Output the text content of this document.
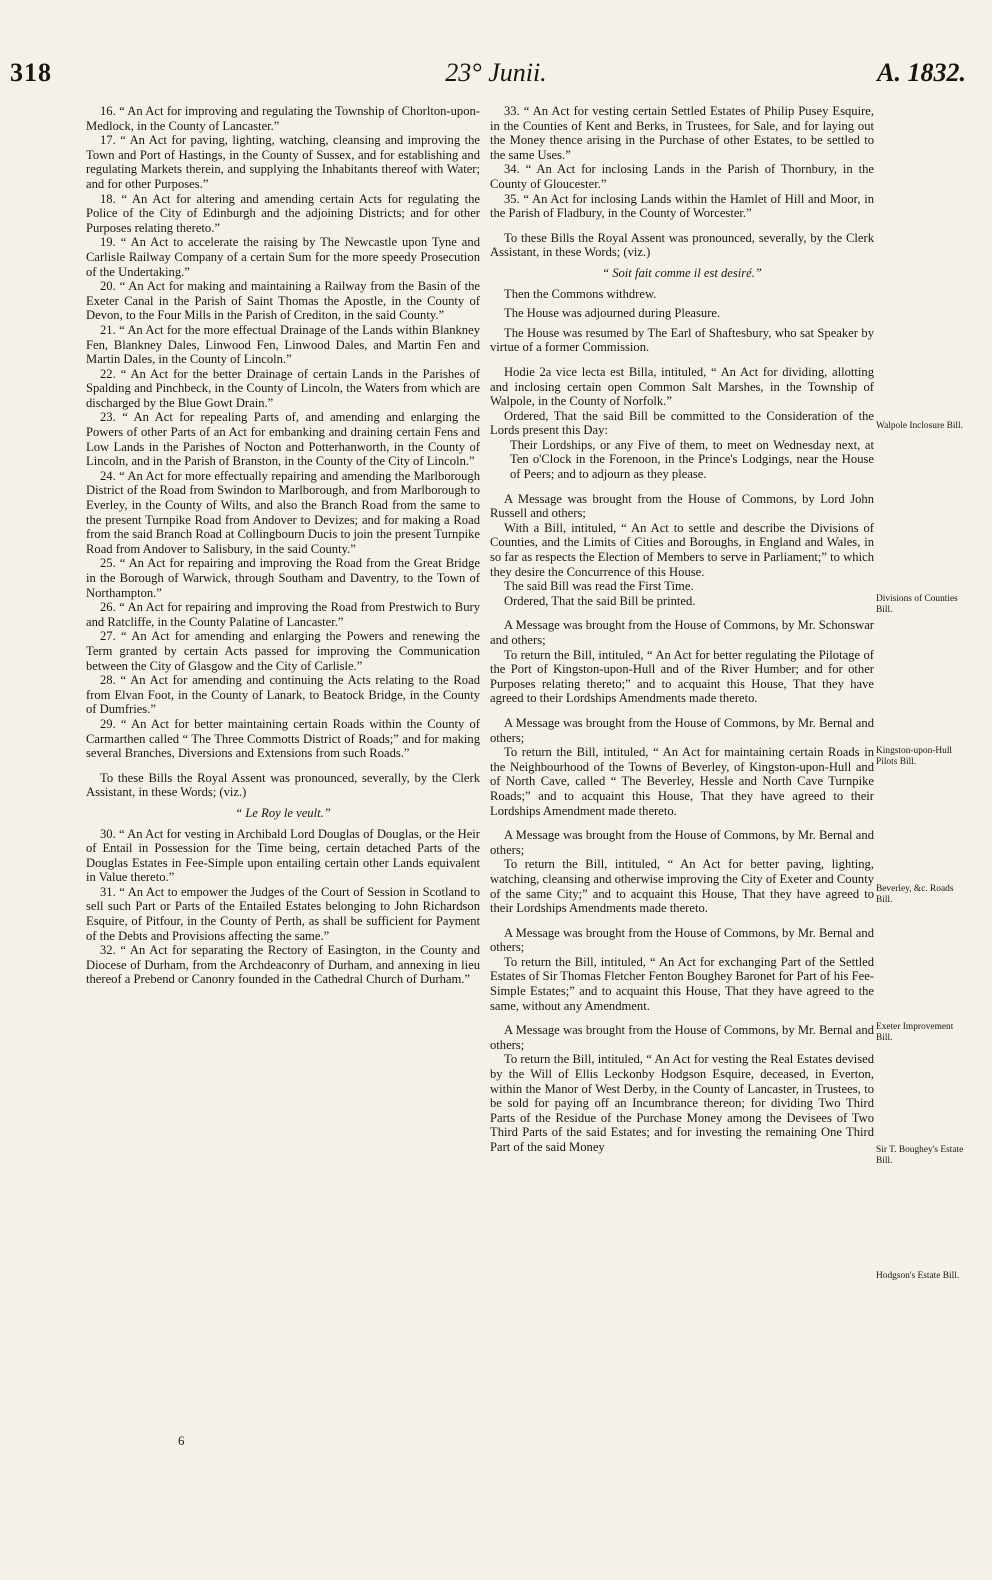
23° Junii.
318	A. 1832.

16. “ An Act for improving and regulating the Township of Chorlton-upon-Medlock, in the County of Lancaster.”

17. “ An Act for paving, lighting, watching, cleansing and improving the Town and Port of Hastings, in the County of Sussex, and for establishing and regulating Markets therein, and supplying the Inhabitants thereof with Water; and for other Purposes.”

18. “ An Act for altering and amending certain Acts for regulating the Police of the City of Edinburgh and the adjoining Districts; and for other Purposes relating thereto.”

19. “ An Act to accelerate the raising by The Newcastle upon Tyne and Carlisle Railway Company of a certain Sum for the more speedy Prosecution of the Undertaking.”

20. “ An Act for making and maintaining a Railway from the Basin of the Exeter Canal in the Parish of Saint Thomas the Apostle, in the County of Devon, to the Four Mills in the Parish of Crediton, in the said County.”

21. “ An Act for the more effectual Drainage of the Lands within Blankney Fen, Blankney Dales, Linwood Fen, Linwood Dales, and Martin Fen and Martin Dales, in the County of Lincoln.”

22. “ An Act for the better Drainage of certain Lands in the Parishes of Spalding and Pinchbeck, in the County of Lincoln, the Waters from which are discharged by the Blue Gowt Drain.”

23. “ An Act for repealing Parts of, and amending and enlarging the Powers of other Parts of an Act for embanking and draining certain Fens and Low Lands in the Parishes of Nocton and Potterhanworth, in the County of Lincoln, and in the Parish of Branston, in the County of the City of Lincoln.”

24. “ An Act for more effectually repairing and amending the Marlborough District of the Road from Swindon to Marlborough, and from Marlborough to Everley, in the County of Wilts, and also the Branch Road from the same to the present Turnpike Road from Andover to Devizes; and for making a Road from the said Branch Road at Collingbourn Ducis to join the present Turnpike Road from Andover to Salisbury, in the said County.”

25. “ An Act for repairing and improving the Road from the Great Bridge in the Borough of Warwick, through Southam and Daventry, to the Town of Northampton.”

26. “ An Act for repairing and improving the Road from Prestwich to Bury and Ratcliffe, in the County Palatine of Lancaster.”

27. “ An Act for amending and enlarging the Powers and renewing the Term granted by certain Acts passed for improving the Communication between the City of Glasgow and the City of Carlisle.”

28. “ An Act for amending and continuing the Acts relating to the Road from Elvan Foot, in the County of Lanark, to Beatock Bridge, in the County of Dumfries.”

29. “ An Act for better maintaining certain Roads within the County of Carmarthen called “ The Three Commotts District of Roads;” and for making several Branches, Diversions and Extensions from such Roads.”

To these Bills the Royal Assent was pronounced, severally, by the Clerk Assistant, in these Words; (viz.)

“ Le Roy le veult.”

30. “ An Act for vesting in Archibald Lord Douglas of Douglas, or the Heir of Entail in Possession for the Time being, certain detached Parts of the Douglas Estates in Fee-Simple upon entailing certain other Lands equivalent in Value thereto.”

31. “ An Act to empower the Judges of the Court of Session in Scotland to sell such Part or Parts of the Entailed Estates belonging to John Richardson Esquire, of Pitfour, in the County of Perth, as shall be sufficient for Payment of the Debts and Provisions affecting the same.”

32. “ An Act for separating the Rectory of Easington, in the County and Diocese of Durham, from the Archdeaconry of Durham, and annexing in lieu thereof a Prebend or Canonry founded in the Cathedral Church of Durham.”

6

33. “ An Act for vesting certain Settled Estates of Philip Pusey Esquire, in the Counties of Kent and Berks, in Trustees, for Sale, and for laying out the Money thence arising in the Purchase of other Estates, to be settled to the same Uses.”

34. “ An Act for inclosing Lands in the Parish of Thornbury, in the County of Gloucester.”

35. “ An Act for inclosing Lands within the Hamlet of Hill and Moor, in the Parish of Fladbury, in the County of Worcester.”

To these Bills the Royal Assent was pronounced, severally, by the Clerk Assistant, in these Words; (viz.)

“ Soit fait comme il est desiré.”

Then the Commons withdrew.

The House was adjourned during Pleasure.

The House was resumed by The Earl of Shaftesbury, who sat Speaker by virtue of a former Commission.

Hodie 2a vice lecta est Billa, intituled, “ An Act for dividing, allotting and inclosing certain open Common Salt Marshes, in the Township of Walpole, in the County of Norfolk.”

Ordered, That the said Bill be committed to the Consideration of the Lords present this Day:

Their Lordships, or any Five of them, to meet on Wednesday next, at Ten o'Clock in the Forenoon, in the Prince's Lodgings, near the House of Peers; and to adjourn as they please.

A Message was brought from the House of Commons, by Lord John Russell and others;

With a Bill, intituled, “ An Act to settle and describe the Divisions of Counties, and the Limits of Cities and Boroughs, in England and Wales, in so far as respects the Election of Members to serve in Parliament;” to which they desire the Concurrence of this House.

The said Bill was read the First Time.

Ordered, That the said Bill be printed.

A Message was brought from the House of Commons, by Mr. Schonswar and others;

To return the Bill, intituled, “ An Act for better regulating the Pilotage of the Port of Kingston-upon-Hull and of the River Humber; and for other Purposes relating thereto;” and to acquaint this House, That they have agreed to their Lordships Amendments made thereto.

A Message was brought from the House of Commons, by Mr. Bernal and others;

To return the Bill, intituled, “ An Act for maintaining certain Roads in the Neighbourhood of the Towns of Beverley, of Kingston-upon-Hull and of North Cave, called “ The Beverley, Hessle and North Cave Turnpike Roads;” and to acquaint this House, That they have agreed to their Lordships Amendment made thereto.

A Message was brought from the House of Commons, by Mr. Bernal and others;

To return the Bill, intituled, “ An Act for better paving, lighting, watching, cleansing and otherwise improving the City of Exeter and County of the same City;” and to acquaint this House, That they have agreed to their Lordships Amendments made thereto.

A Message was brought from the House of Commons, by Mr. Bernal and others;

To return the Bill, intituled, “ An Act for exchanging Part of the Settled Estates of Sir Thomas Fletcher Fenton Boughey Baronet for Part of his Fee-Simple Estates;” and to acquaint this House, That they have agreed to the same, without any Amendment.

A Message was brought from the House of Commons, by Mr. Bernal and others;

To return the Bill, intituled, “ An Act for vesting the Real Estates devised by the Will of Ellis Leckonby Hodgson Esquire, deceased, in Everton, within the Manor of West Derby, in the County of Lancaster, in Trustees, to be sold for paying off an Incumbrance thereon; for dividing Two Third Parts of the Residue of the Purchase Money among the Devisees of Two Third Parts of the said Estates; and for investing the remaining One Third Part of the said Money

Walpole Inclosure Bill.
Divisions of Counties Bill.
Kingston-upon-Hull Pilots Bill.
Beverley, &c. Roads Bill.
Exeter Improvement Bill.
Sir T. Boughey's Estate Bill.
Hodgson's Estate Bill.
